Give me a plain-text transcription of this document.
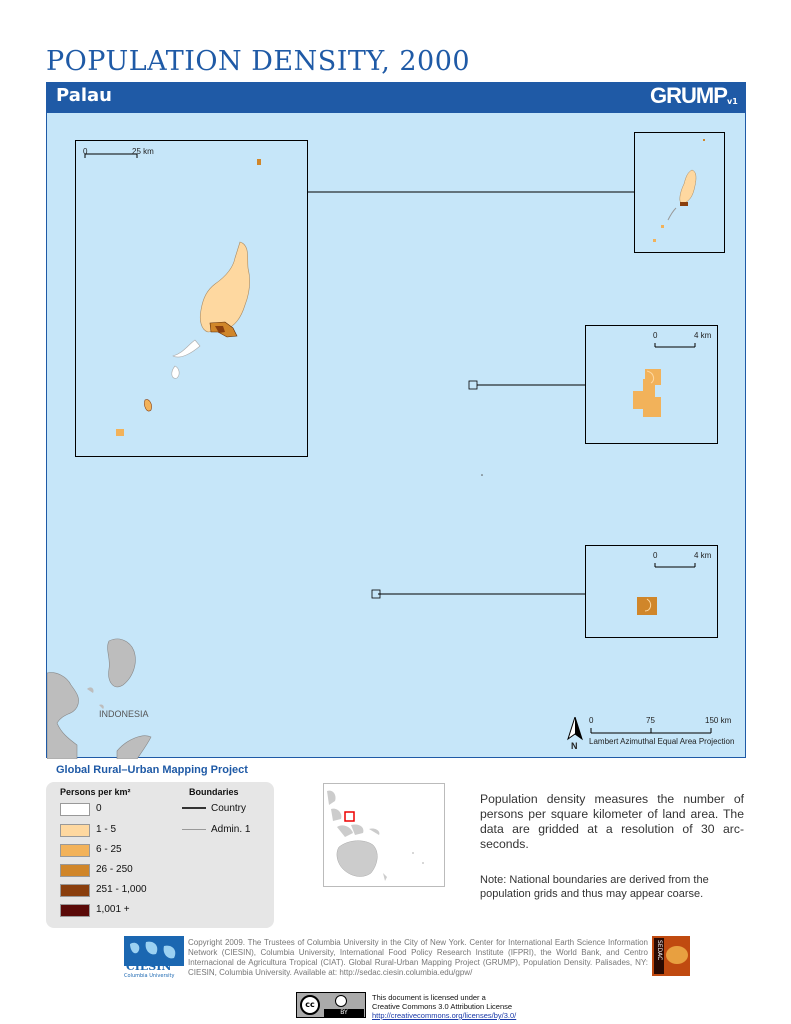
POPULATION DENSITY, 2000
Palau	GRUMP v1
0	25 km
0	4 km
0	4 km
INDONESIA
N
0	75	150 km
Lambert Azimuthal Equal Area Projection
Global Rural–Urban Mapping Project
Persons per km²	Boundaries
0
1 - 5
6 - 25
26 - 250
251 - 1,000
1,001 +
Country
Admin. 1
Population density measures the number of persons per square kilometer of land area. The data are gridded at a resolution of 30 arc-seconds.
Note: National boundaries are derived from the population grids and thus may appear coarse.
CIESIN
Columbia University
Copyright 2009. The Trustees of Columbia University in the City of New York. Center for International Earth Science Information Network (CIESIN), Columbia University, International Food Policy Research Institute (IFPRI), the World Bank, and Centro Internacional de Agricultura Tropical (CIAT). Global Rural-Urban Mapping Project (GRUMP), Population Density. Palisades, NY: CIESIN, Columbia University. Available at: http://sedac.ciesin.columbia.edu/gpw/
SEDAC
cc
BY
This document is licensed under a
Creative Commons 3.0 Attribution License
http://creativecommons.org/licenses/by/3.0/
